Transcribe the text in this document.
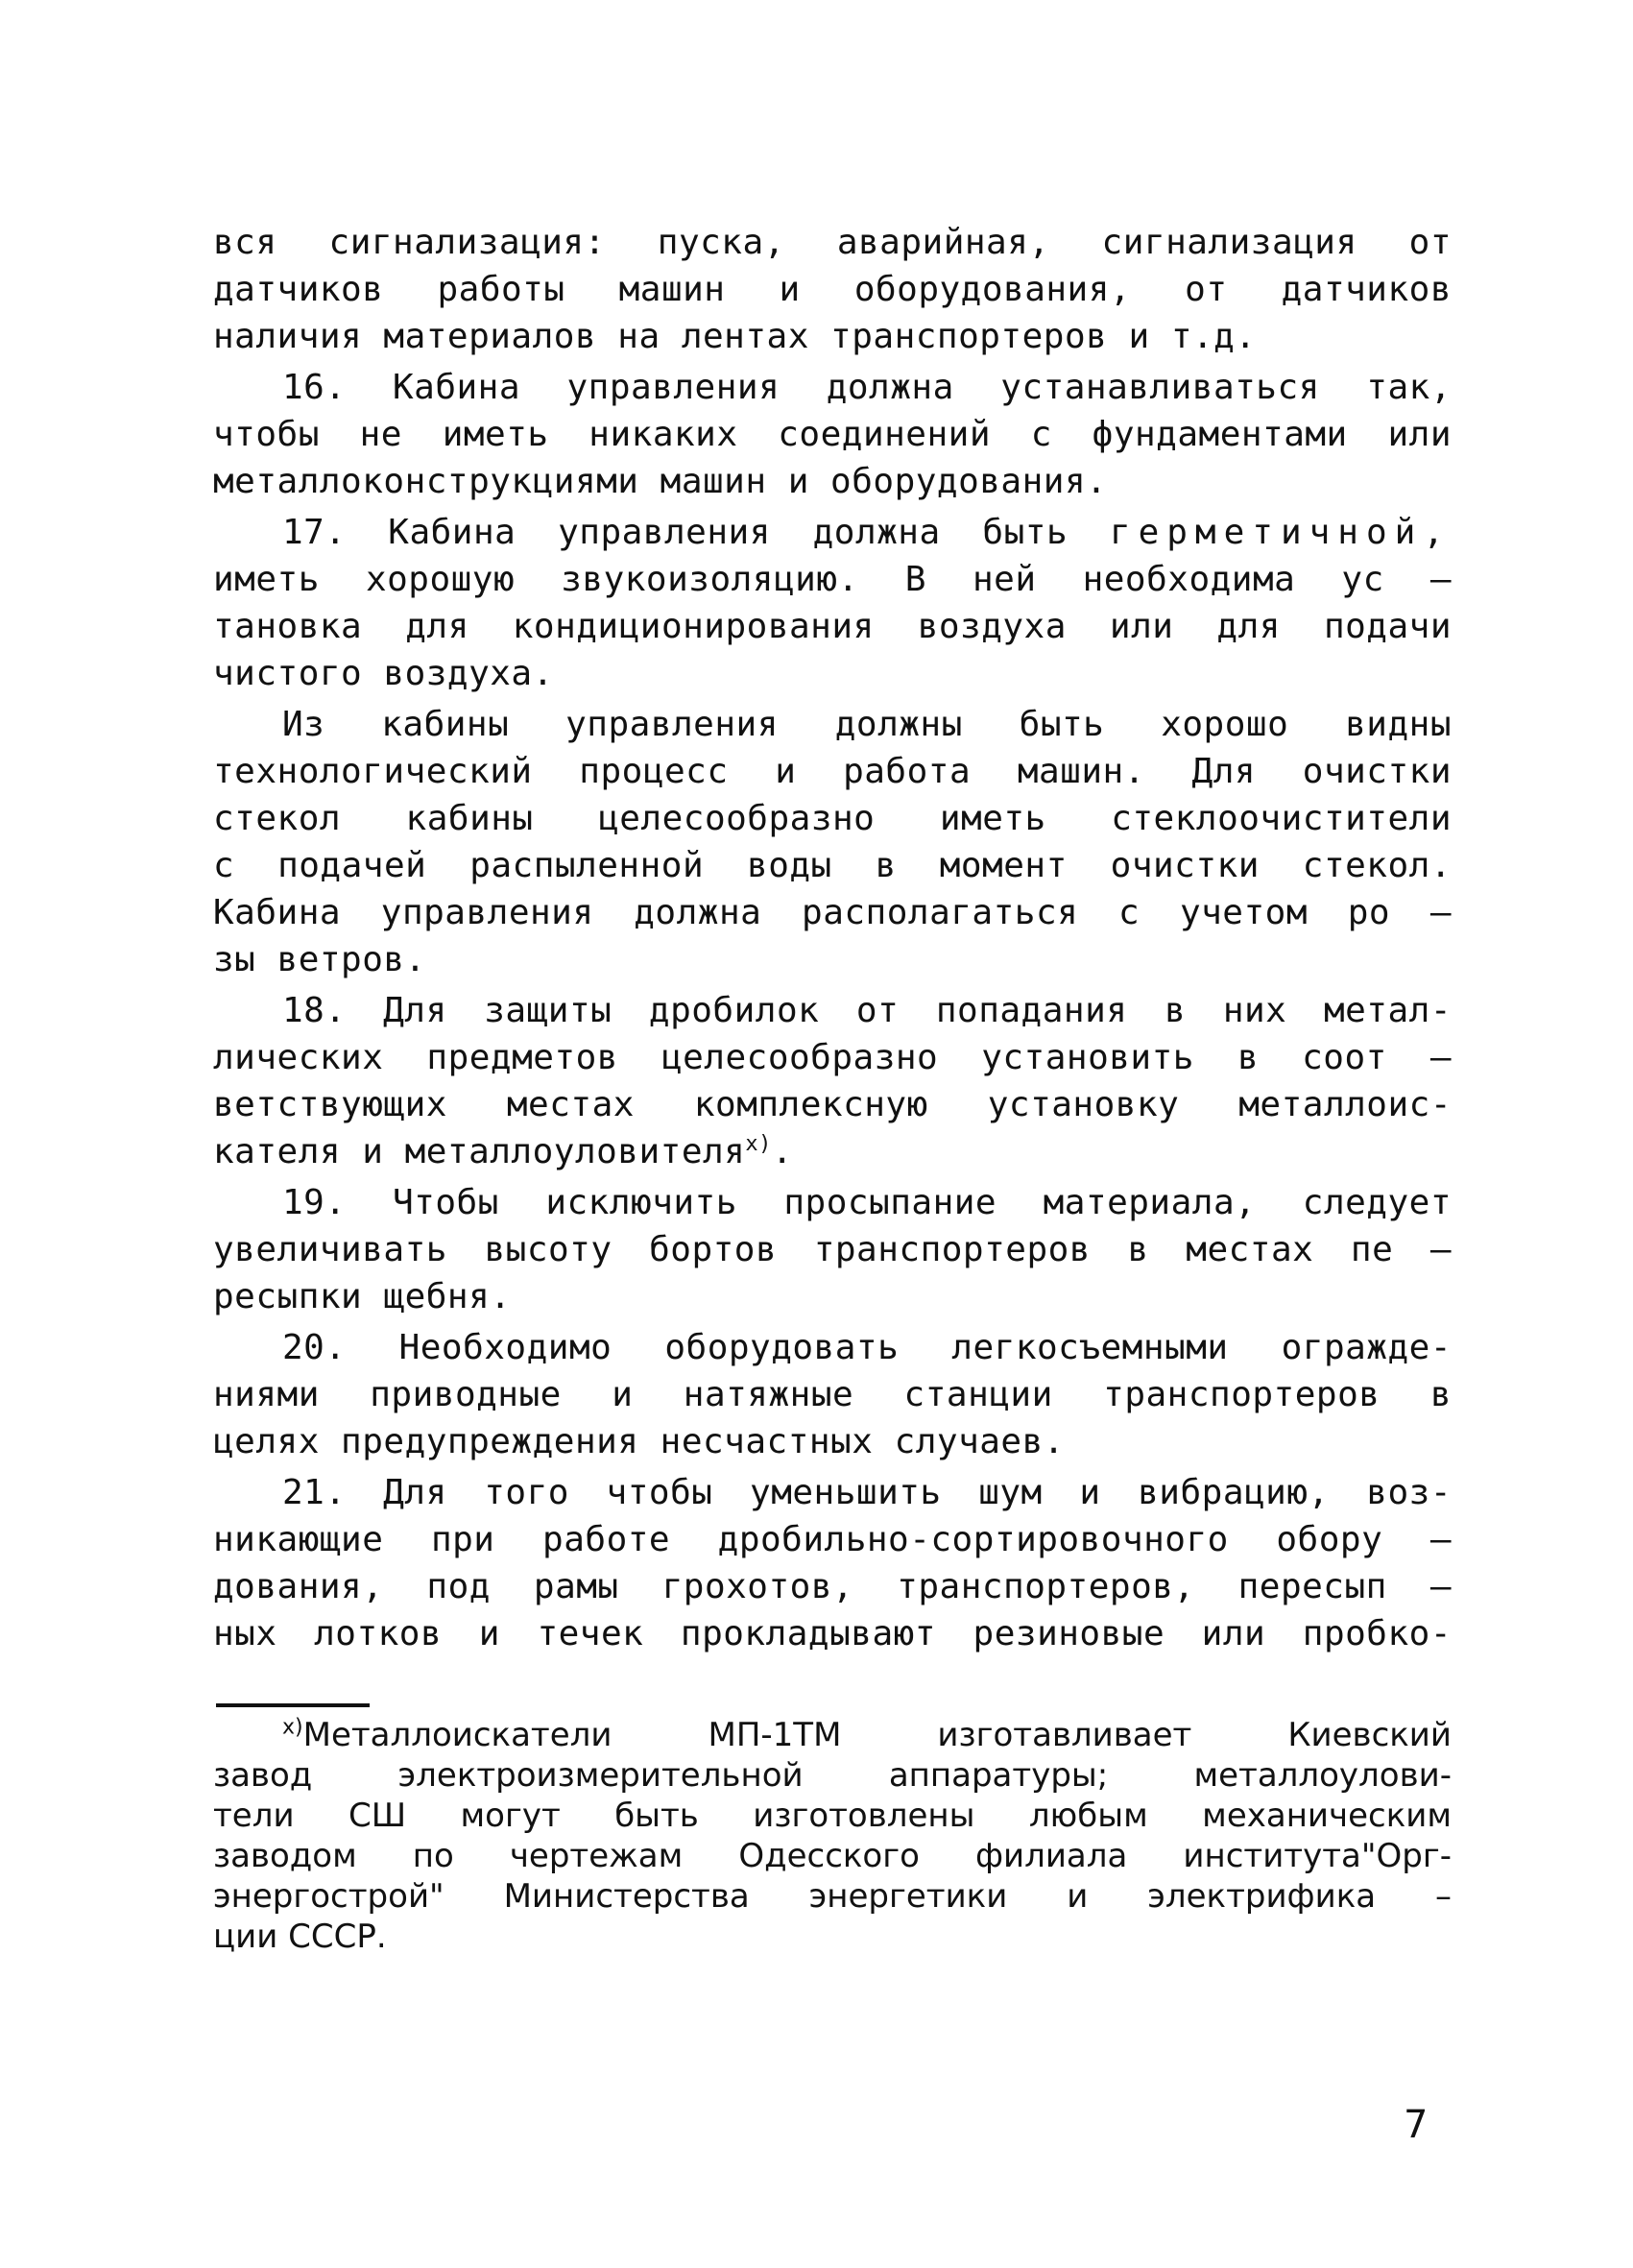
вся сигнализация: пуска, аварийная, сигнализация от
датчиков работы машин и оборудования, от датчиков
наличия материалов на лентах транспортеров и т.д.

16. Кабина управления должна устанавливаться так,
чтобы не иметь никаких соединений с фундаментами или
металлоконструкциями машин и оборудования.

17. Кабина управления должна быть герметичной,
иметь хорошую звукоизоляцию. В ней необходима ус –
тановка для кондиционирования воздуха или для подачи
чистого воздуха.

Из кабины управления должны быть хорошо видны
технологический процесс и работа машин. Для очистки
стекол кабины целесообразно иметь стеклоочистители
с подачей распыленной воды в момент очистки стекол.
Кабина управления должна располагаться с учетом ро –
зы ветров.

18. Для защиты дробилок от попадания в них метал-
лических предметов целесообразно установить в соот –
ветствующих местах комплексную установку металлоис-
кателя и металлоуловителя$^{х)}$.

19. Чтобы исключить просыпание материала, следует
увеличивать высоту бортов транспортеров в местах пе –
ресыпки щебня.

20. Необходимо оборудовать легкосъемными огражде-
ниями приводные и натяжные станции транспортеров в
целях предупреждения несчастных случаев.

21. Для того чтобы уменьшить шум и вибрацию, воз-
никающие при работе дробильно-сортировочного обору –
дования, под рамы грохотов, транспортеров, пересып –
ных лотков и течек прокладывают резиновые или пробко-

$^{х)}$Металлоискатели МП-1ТМ изготавливает Киевский
завод электроизмерительной аппаратуры; металлоулови-
тели СШ могут быть изготовлены любым механическим
заводом по чертежам Одесского филиала института"Орг-
энергострой" Министерства энергетики и электрифика –
ции СССР.
7
